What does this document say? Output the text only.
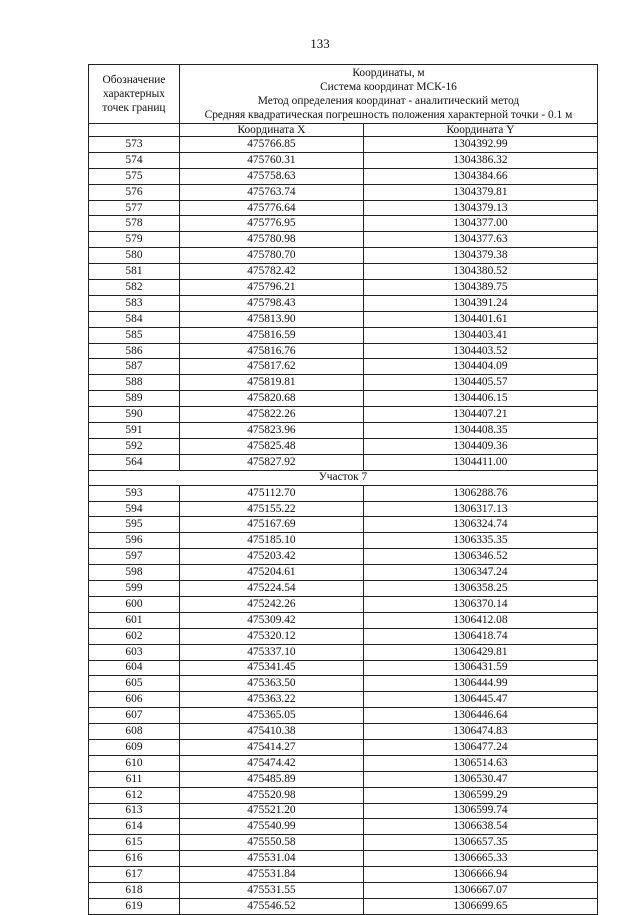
133
Обозначение
характерных
точек границ	Координаты, м
Система координат МСК-16
Метод определения координат - аналитический метод
Средняя квадратическая погрешность положения характерной точки - 0.1 м	

	Координата X	Координата Y
573	475766.85	1304392.99
574	475760.31	1304386.32
575	475758.63	1304384.66
576	475763.74	1304379.81
577	475776.64	1304379.13
578	475776.95	1304377.00
579	475780.98	1304377.63
580	475780.70	1304379.38
581	475782.42	1304380.52
582	475796.21	1304389.75
583	475798.43	1304391.24
584	475813.90	1304401.61
585	475816.59	1304403.41
586	475816.76	1304403.52
587	475817.62	1304404.09
588	475819.81	1304405.57
589	475820.68	1304406.15
590	475822.26	1304407.21
591	475823.96	1304408.35
592	475825.48	1304409.36
564	475827.92	1304411.00
Участок 7		
593	475112.70	1306288.76
594	475155.22	1306317.13
595	475167.69	1306324.74
596	475185.10	1306335.35
597	475203.42	1306346.52
598	475204.61	1306347.24
599	475224.54	1306358.25
600	475242.26	1306370.14
601	475309.42	1306412.08
602	475320.12	1306418.74
603	475337.10	1306429.81
604	475341.45	1306431.59
605	475363.50	1306444.99
606	475363.22	1306445.47
607	475365.05	1306446.64
608	475410.38	1306474.83
609	475414.27	1306477.24
610	475474.42	1306514.63
611	475485.89	1306530.47
612	475520.98	1306599.29
613	475521.20	1306599.74
614	475540.99	1306638.54
615	475550.58	1306657.35
616	475531.04	1306665.33
617	475531.84	1306666.94
618	475531.55	1306667.07
619	475546.52	1306699.65
